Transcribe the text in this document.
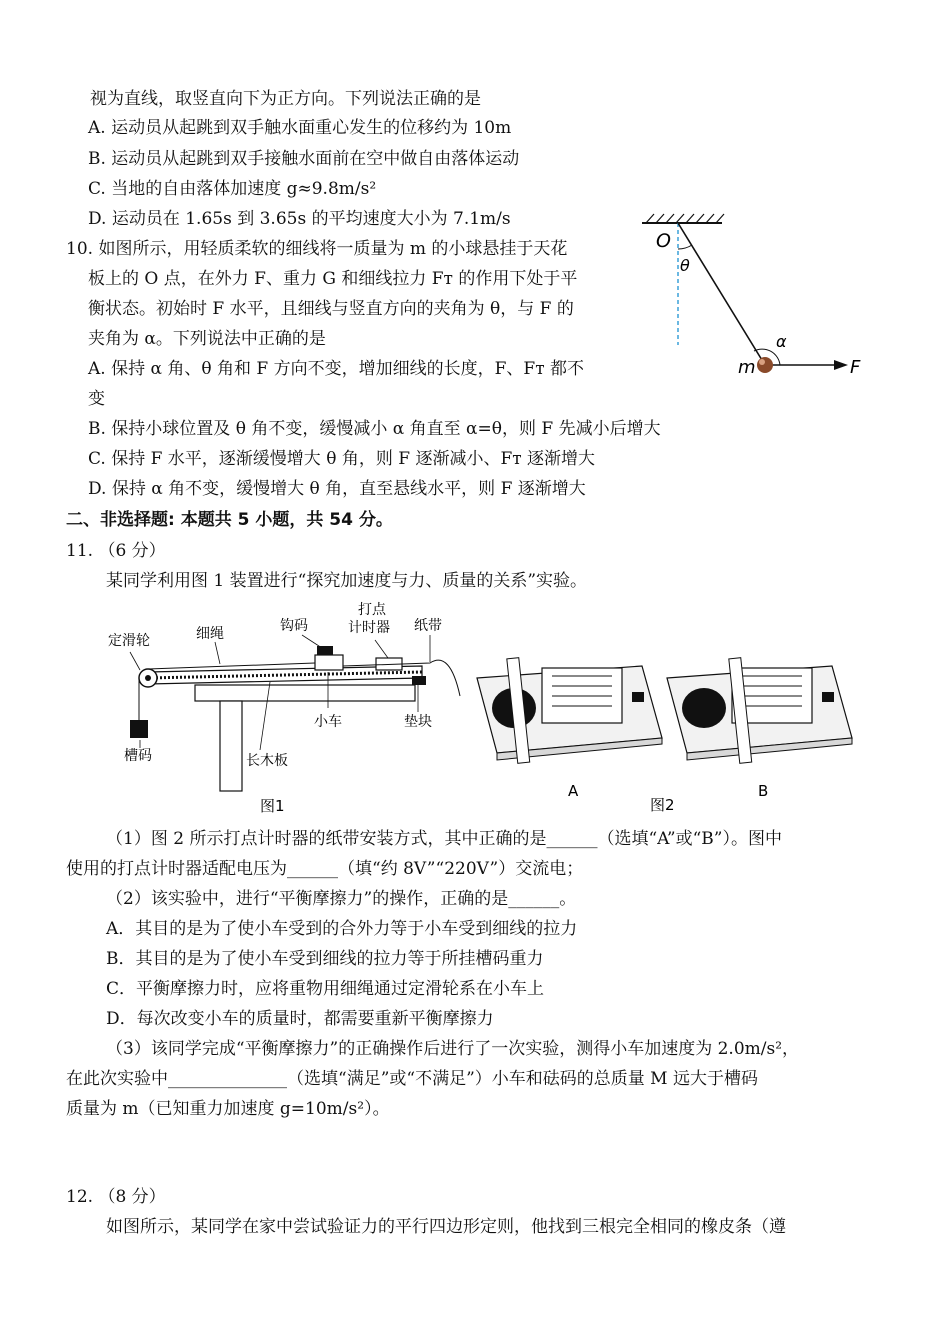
视为直线，取竖直向下为正方向。下列说法正确的是
A. 运动员从起跳到双手触水面重心发生的位移约为 10m
B. 运动员从起跳到双手接触水面前在空中做自由落体运动
C. 当地的自由落体加速度 g≈9.8m/s²
D. 运动员在 1.65s 到 3.65s 的平均速度大小为 7.1m/s
10. 如图所示，用轻质柔软的细线将一质量为 m 的小球悬挂于天花
板上的 O 点，在外力 F、重力 G 和细线拉力 Fᴛ 的作用下处于平
衡状态。初始时 F 水平，且细线与竖直方向的夹角为 θ，与 F 的
夹角为 α。下列说法中正确的是
A. 保持 α 角、θ 角和 F 方向不变，增加细线的长度，F、Fᴛ 都不
变
B. 保持小球位置及 θ 角不变，缓慢减小 α 角直至 α=θ，则 F 先减小后增大
C. 保持 F 水平，逐渐缓慢增大 θ 角，则 F 逐渐减小、Fᴛ 逐渐增大
D. 保持 α 角不变，缓慢增大 θ 角，直至悬线水平，则 F 逐渐增大
O
θ
α
m	F
二、非选择题: 本题共 5 小题，共 54 分。
11. （6 分）
某同学利用图 1 装置进行“探究加速度与力、质量的关系”实验。
定滑轮	细绳	钩码
打点
计时器 纸带
小车	垫块
槽码	长木板
图1
A
图2
B
（1）图 2 所示打点计时器的纸带安装方式，其中正确的是______（选填“A”或“B”）。图中
使用的打点计时器适配电压为______（填“约 8V”“220V”）交流电；
（2）该实验中，进行“平衡摩擦力”的操作，正确的是______。
A．其目的是为了使小车受到的合外力等于小车受到细线的拉力
B．其目的是为了使小车受到细线的拉力等于所挂槽码重力
C．平衡摩擦力时，应将重物用细绳通过定滑轮系在小车上
D．每次改变小车的质量时，都需要重新平衡摩擦力
（3）该同学完成“平衡摩擦力”的正确操作后进行了一次实验，测得小车加速度为 2.0m/s²，
在此次实验中______________（选填“满足”或“不满足”）小车和砝码的总质量 M 远大于槽码
质量为 m（已知重力加速度 g=10m/s²）。
12. （8 分）
如图所示，某同学在家中尝试验证力的平行四边形定则，他找到三根完全相同的橡皮条（遵
